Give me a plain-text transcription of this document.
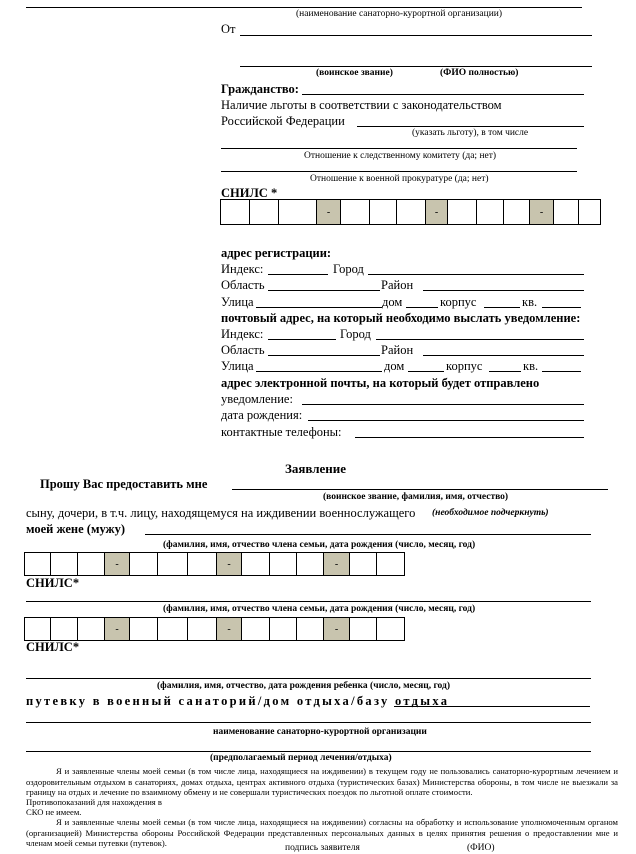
(наименование санаторно-курортной организации)
От
(воинское звание)	(ФИО полностью)
Гражданство:
Наличие льготы в соответствии с законодательством
Российской Федерации
(указать льготу), в том числе
Отношение к следственному комитету (да; нет)
Отношение к военной прокуратуре (да; нет)
СНИЛС *
-	-	-
адрес регистрации:
Индекс:	Город
Область	Район
Улица	дом	корпус	кв.
почтовый адрес, на который необходимо выслать уведомление:
Индекс:	Город
Область	Район
Улица	дом	корпус	кв.
адрес электронной почты, на который будет отправлено
уведомление:
дата рождения:
контактные телефоны:
Заявление
Прошу Вас предоставить мне
(воинское звание, фамилия, имя, отчество)
сыну, дочери, в т.ч. лицу, находящемуся на иждивении военнослужащего (необходимое подчеркнуть)
моей жене (мужу)
(фамилия, имя, отчество члена семьи, дата рождения (число, месяц, год)
-	-	-
СНИЛС*
(фамилия, имя, отчество члена семьи, дата рождения (число, месяц, год)
-	-	-
СНИЛС*
(фамилия, имя, отчество, дата рождения ребенка (число, месяц, год)
путевку в военный санаторий/дом отдыха/базу отдыха
наименование санаторно-курортной организации
(предполагаемый период лечения/отдыха)
Я и заявленные члены моей семьи (в том числе лица, находящиеся на иждивении) в текущем году не пользовались санаторно-курортным лечением и оздоровительным отдыхом в санаториях, домах отдыха, центрах активного отдыха (туристических базах) Министерства обороны, в том числе не выезжали за границу на отдых и лечение по взаимному обмену и не совершали туристических поездок по льготной оплате стоимости.
Противопоказаний для нахождения в
СКО не имеем.
Я и заявленные члены моей семьи (в том числе лица, находящиеся на иждивении) согласны на обработку и использование уполномоченным органом (организацией) Министерства обороны Российской Федерации представленных персональных данных в целях принятия решения о предоставлении мне и членам моей семьи путевки (путевок).	подпись заявителя	(ФИО)
